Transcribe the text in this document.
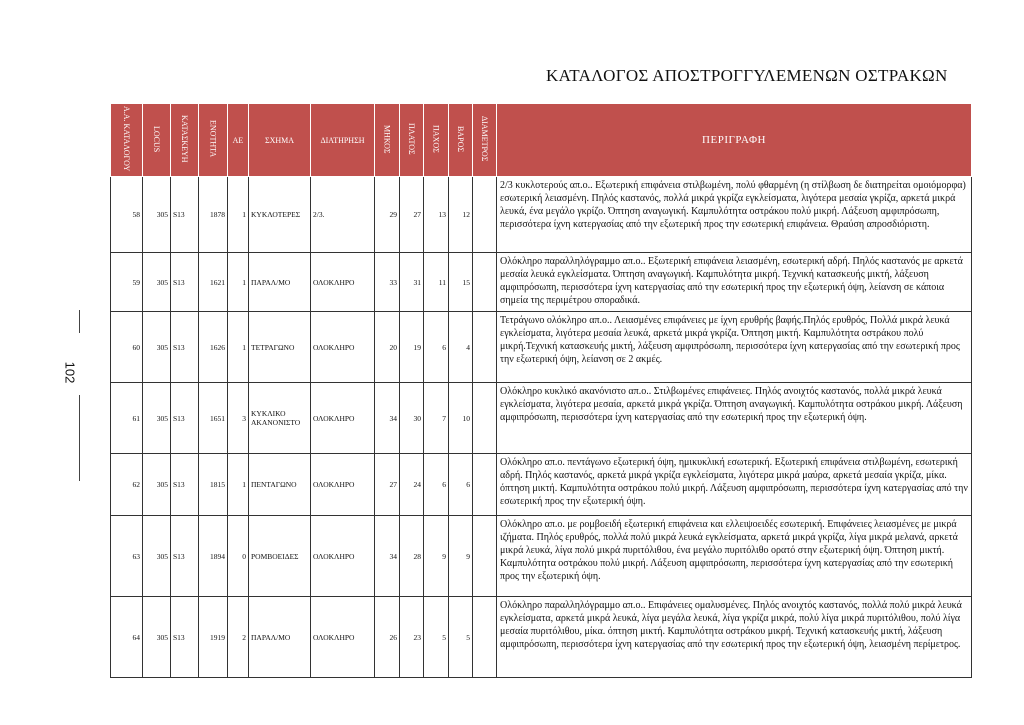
ΚΑΤΑΛΟΓΟΣ ΑΠΟΣΤΡΟΓΓΥΛΕΜΕΝΩΝ ΟΣΤΡΑΚΩΝ
102
Α.Α. ΚΑΤΑΛΟΓΟΥ	LOCUS	ΚΑΤΑΣΚΕΥΗ	ΕΝΟΤΗΤΑ	ΑΕ	ΣΧΗΜΑ	ΔΙΑΤΗΡΗΣΗ	ΜΗΚΟΣ	ΠΛΑΤΟΣ	ΠΑΧΟΣ	ΒΑΡΟΣ	ΔΙΑΜΕΤΡΟΣ	ΠΕΡΙΓΡΑΦΗ
58	305	S13	1878	1	ΚΥΚΛΟΤΕΡΕΣ	2/3.	29	27	13	12		2/3 κυκλοτερούς απ.ο.. Εξωτερική επιφάνεια στιλβωμένη, πολύ φθαρμένη (η στίλβωση δε διατηρείται ομοιόμορφα) εσωτερική λειασμένη. Πηλός καστανός, πολλά μικρά γκρίζα εγκλείσματα, λιγότερα μεσαία γκρίζα, αρκετά μικρά λευκά, ένα μεγάλο γκρίζο. Όπτηση αναγωγική. Καμπυλότητα οστράκου πολύ μικρή. Λάξευση αμφιπρόσωπη, περισσότερα ίχνη κατεργασίας από την εξωτερική προς την εσωτερική επιφάνεια. Θραύση απροσδιόριστη.
59	305	S13	1621	1	ΠΑΡΑΛ/ΜΟ	ΟΛΟΚΛΗΡΟ	33	31	11	15		Ολόκληρο παραλληλόγραμμο απ.ο.. Εξωτερική επιφάνεια λειασμένη, εσωτερική αδρή. Πηλός καστανός με αρκετά μεσαία λευκά εγκλείσματα. Όπτηση αναγωγική. Καμπυλότητα μικρή. Τεχνική κατασκευής μικτή, λάξευση αμφιπρόσωπη, περισσότερα ίχνη κατεργασίας από την εσωτερική προς την εξωτερική όψη, λείανση σε κάποια σημεία της περιμέτρου σποραδικά.
60	305	S13	1626	1	ΤΕΤΡΑΓΩΝΟ	ΟΛΟΚΛΗΡΟ	20	19	6	4		Τετράγωνο ολόκληρο απ.ο.. Λειασμένες επιφάνειες με ίχνη ερυθρής βαφής.Πηλός ερυθρός, Πολλά μικρά λευκά εγκλείσματα, λιγότερα μεσαία λευκά, αρκετά μικρά γκρίζα. Όπτηση μικτή. Καμπυλότητα οστράκου πολύ μικρή.Τεχνική κατασκευής μικτή, λάξευση αμφιπρόσωπη, περισσότερα ίχνη κατεργασίας από την εσωτερική προς την εξωτερική όψη, λείανση σε 2 ακμές.
61	305	S13	1651	3	ΚΥΚΛΙΚΟ ΑΚΑΝΟΝΙΣΤΟ	ΟΛΟΚΛΗΡΟ	34	30	7	10		Ολόκληρο κυκλικό ακανόνιστο απ.ο.. Στιλβωμένες επιφάνειες. Πηλός ανοιχτός καστανός, πολλά μικρά λευκά εγκλείσματα, λιγότερα μεσαία, αρκετά μικρά γκρίζα. Όπτηση αναγωγική. Καμπυλότητα οστράκου μικρή. Λάξευση αμφιπρόσωπη, περισσότερα ίχνη κατεργασίας από την εσωτερική προς την εξωτερική όψη.
62	305	S13	1815	1	ΠΕΝΤΑΓΩΝΟ	ΟΛΟΚΛΗΡΟ	27	24	6	6		Ολόκληρο απ.ο. πεντάγωνο εξωτερική όψη, ημικυκλική εσωτερική. Εξωτερική επιφάνεια στιλβωμένη, εσωτερική αδρή. Πηλός καστανός, αρκετά μικρά γκρίζα εγκλείσματα, λιγότερα μικρά μαύρα, αρκετά μεσαία γκρίζα, μίκα. όπτηση μικτή. Καμπυλότητα οστράκου πολύ μικρή. Λάξευση αμφιπρόσωπη, περισσότερα ίχνη κατεργασίας από την εσωτερική προς την εξωτερική όψη.
63	305	S13	1894	0	ΡΟΜΒΟΕΙΔΕΣ	ΟΛΟΚΛΗΡΟ	34	28	9	9		Ολόκληρο απ.ο. με ρομβοειδή εξωτερική επιφάνεια και ελλειψοειδές εσωτερική. Επιφάνειες λειασμένες με μικρά ιζήματα. Πηλός ερυθρός, πολλά πολύ μικρά λευκά εγκλείσματα, αρκετά μικρά γκρίζα, λίγα μικρά μελανά, αρκετά μικρά λευκά, λίγα πολύ μικρά πυριτόλιθου, ένα μεγάλο πυριτόλιθο ορατό στην εξωτερική όψη. Όπτηση μικτή. Καμπυλότητα οστράκου πολύ μικρή. Λάξευση αμφιπρόσωπη, περισσότερα ίχνη κατεργασίας από την εσωτερική προς την εξωτερική όψη.
64	305	S13	1919	2	ΠΑΡΑΛ/ΜΟ	ΟΛΟΚΛΗΡΟ	26	23	5	5		Ολόκληρο παραλληλόγραμμο απ.ο.. Επιφάνειες ομαλυσμένες. Πηλός ανοιχτός καστανός, πολλά πολύ μικρά λευκά εγκλείσματα, αρκετά μικρά λευκά, λίγα μεγάλα λευκά, λίγα γκρίζα μικρά, πολύ λίγα μικρά πυριτόλιθου, πολύ λίγα μεσαία πυριτόλιθου, μίκα. όπτηση μικτή. Καμπυλότητα οστράκου μικρή. Τεχνική κατασκευής μικτή, λάξευση αμφιπρόσωπη, περισσότερα ίχνη κατεργασίας από την εσωτερική προς την εξωτερική όψη, λειασμένη περίμετρος.
